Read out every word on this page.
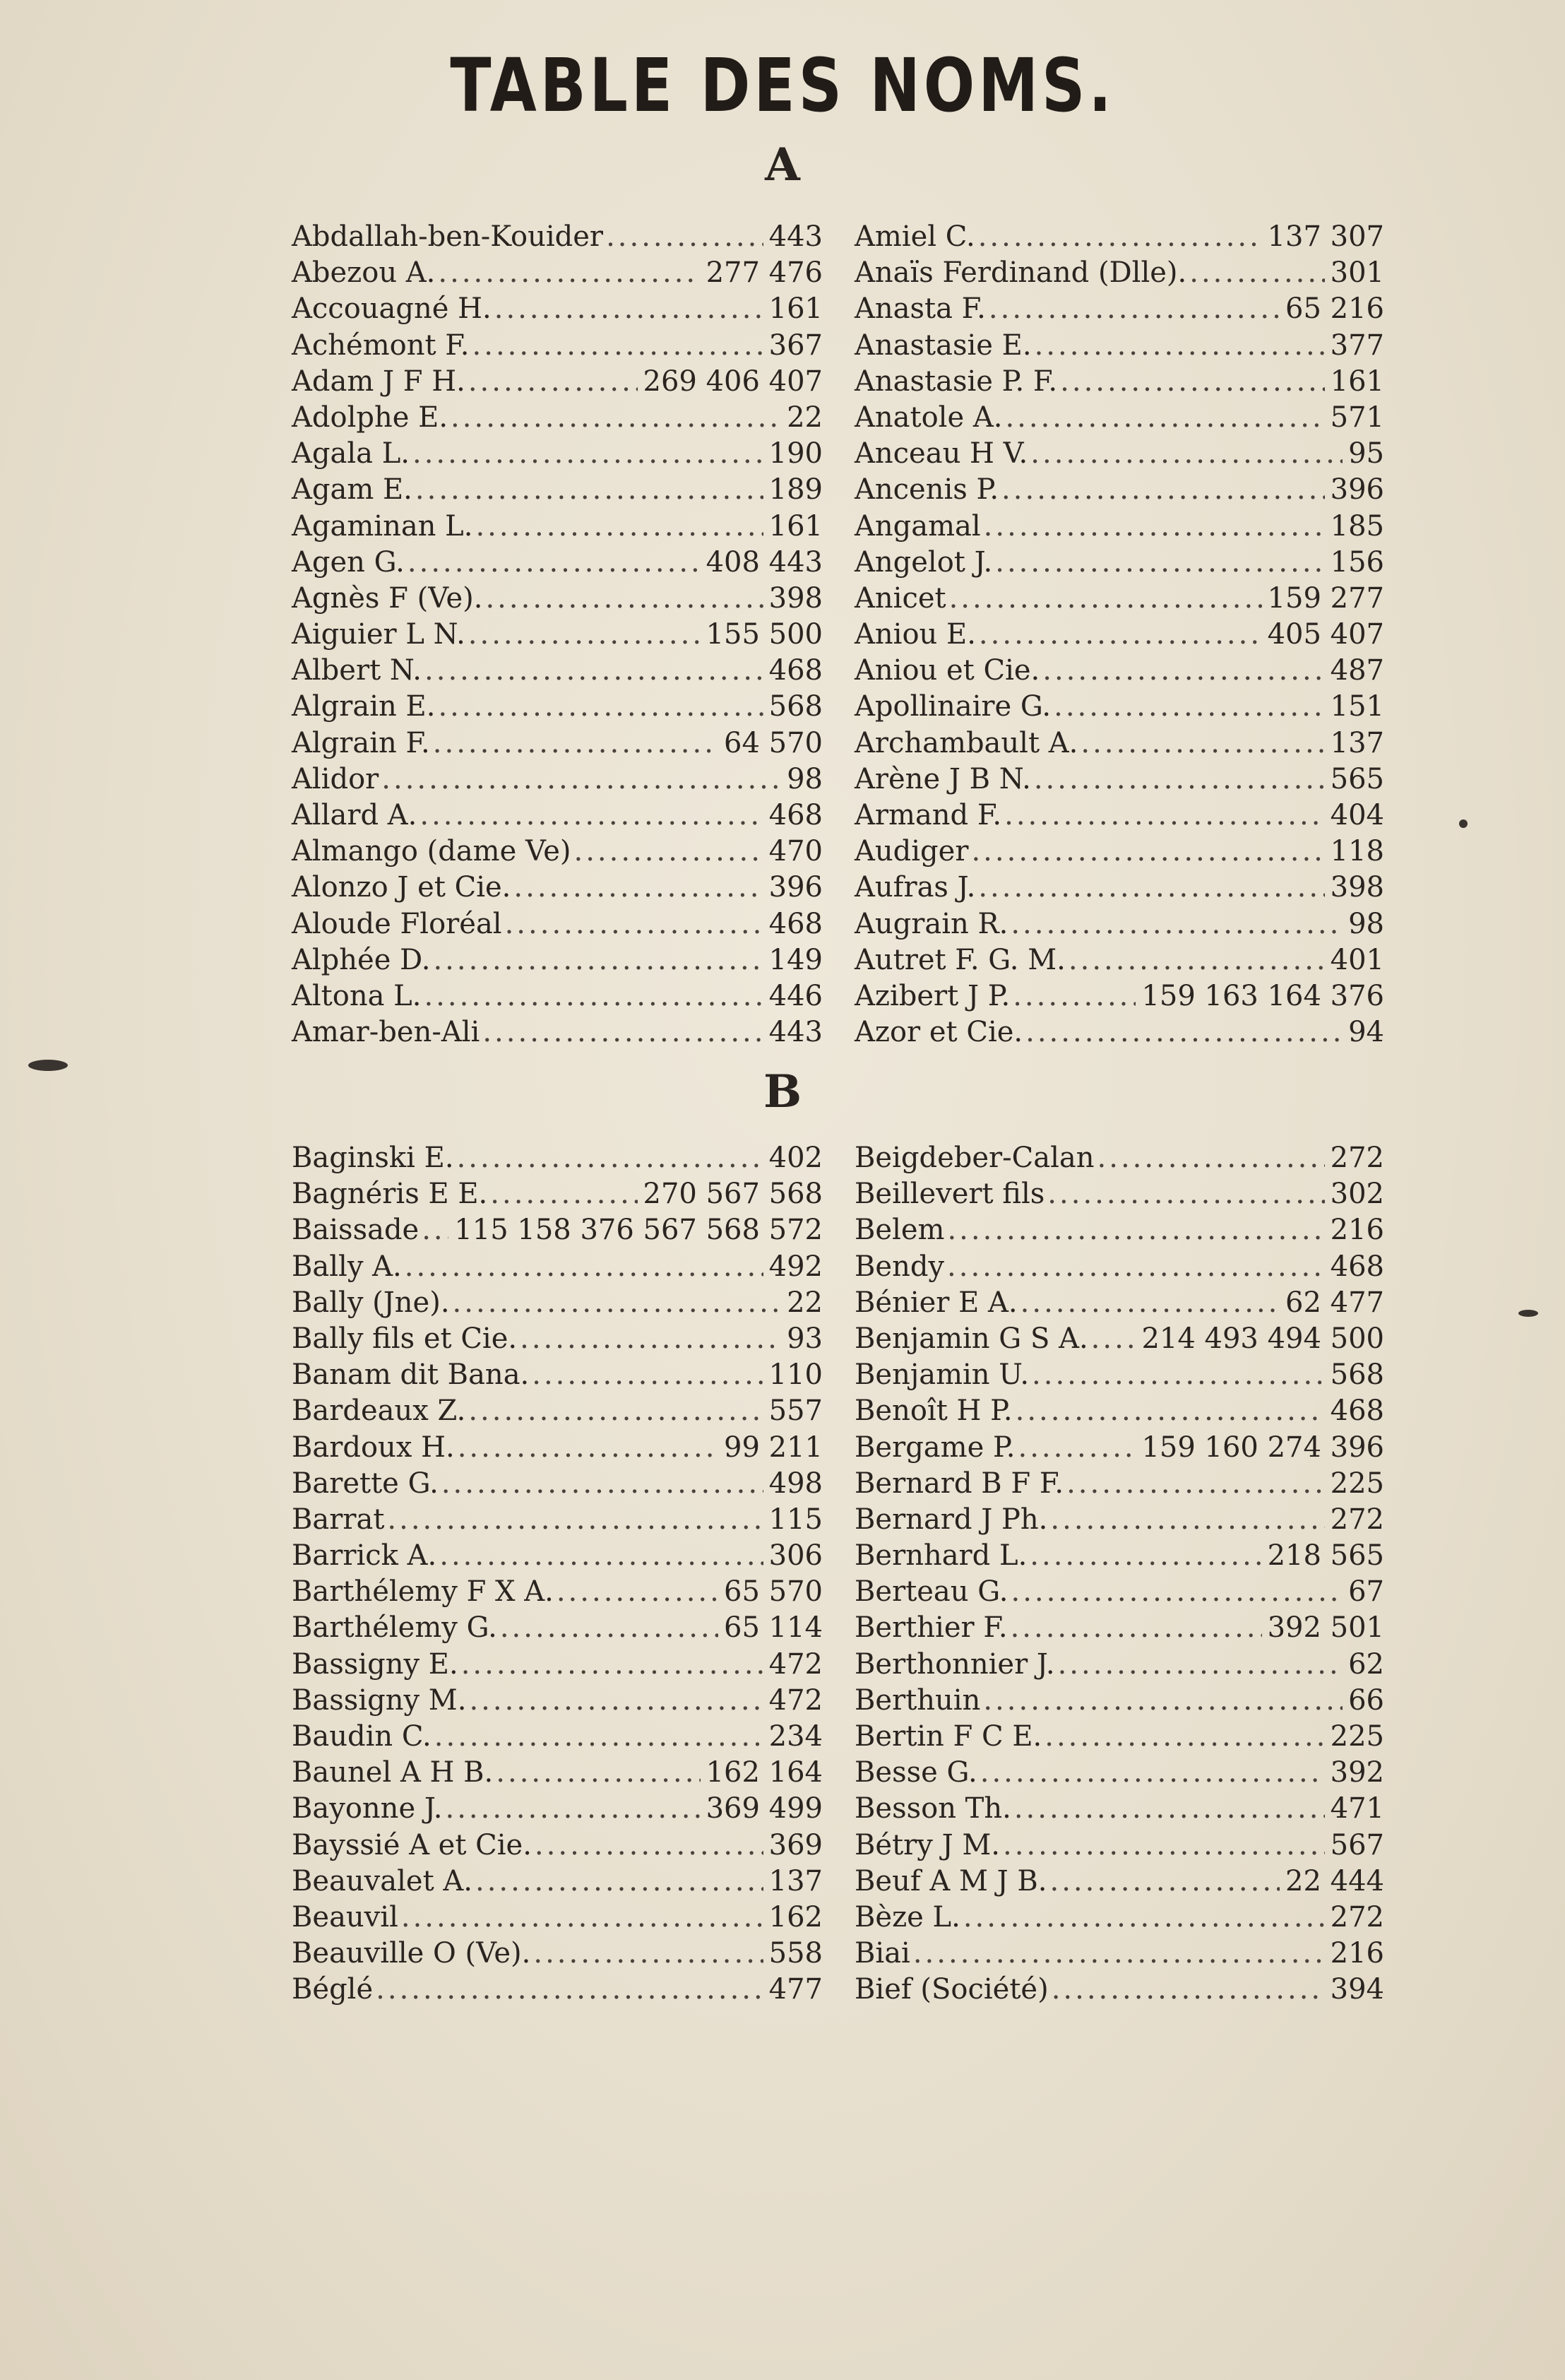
TABLE DES NOMS.
A
Abdallah-ben-Kouider .....	443
Abezou A. .....	277 476
Accouagné H. .....	161
Achémont F. .....	367
Adam J F H. .....	269 406 407
Adolphe E. .....	22
Agala L. .....	190
Agam E. .....	189
Agaminan L. .....	161
Agen G. .....	408 443
Agnès F (Ve). .....	398
Aiguier L N. .....	155 500
Albert N. .....	468
Algrain E. .....	568
Algrain F. .....	64 570
Alidor .....	98
Allard A. .....	468
Almango (dame Ve) .....	470
Alonzo J et Cie. .....	396
Aloude Floréal .....	468
Alphée D. .....	149
Altona L. .....	446
Amar-ben-Ali .....	443
Amiel C. .....	137 307
Anaïs Ferdinand (Dlle). .....	301
Anasta F. .....	65 216
Anastasie E. .....	377
Anastasie P. F. .....	161
Anatole A. .....	571
Anceau H V. .....	95
Ancenis P. .....	396
Angamal .....	185
Angelot J. .....	156
Anicet .....	159 277
Aniou E. .....	405 407
Aniou et Cie. .....	487
Apollinaire G. .....	151
Archambault A. .....	137
Arène J B N. .....	565
Armand F. .....	404
Audiger .....	118
Aufras J. .....	398
Augrain R. .....	98
Autret F. G. M. .....	401
Azibert J P. .....	159 163 164 376
Azor et Cie. .....	94
B
Baginski E. .....	402
Bagnéris E E. .....	270 567 568
Baissade ..... 115 158 376 567 568 572
Bally A. .....	492
Bally (Jne). .....	22
Bally fils et Cie. .....	93
Banam dit Bana. .....	110
Bardeaux Z. .....	557
Bardoux H. .....	99 211
Barette G. .....	498
Barrat .....	115
Barrick A. .....	306
Barthélemy F X A. .....	65 570
Barthélemy G. .....	65 114
Bassigny E. .....	472
Bassigny M. .....	472
Baudin C. .....	234
Baunel A H B. .....	162 164
Bayonne J. .....	369 499
Bayssié A et Cie. .....	369
Beauvalet A. .....	137
Beauvil .....	162
Beauville O (Ve). .....	558
Béglé .....	477
Beigdeber-Calan .....	272
Beillevert fils .....	302
Belem .....	216
Bendy .....	468
Bénier E A. .....	62 477
Benjamin G S A. ..... 214 493 494 500
Benjamin U. .....	568
Benoît H P. .....	468
Bergame P. .....	159 160 274 396
Bernard B F F. .....	225
Bernard J Ph. .....	272
Bernhard L. .....	218 565
Berteau G. .....	67
Berthier F. .....	392 501
Berthonnier J. .....	62
Berthuin .....	66
Bertin F C E. .....	225
Besse G. .....	392
Besson Th. .....	471
Bétry J M. .....	567
Beuf A M J B. .....	22 444
Bèze L. .....	272
Biai .....	216
Bief (Société) .....	394
